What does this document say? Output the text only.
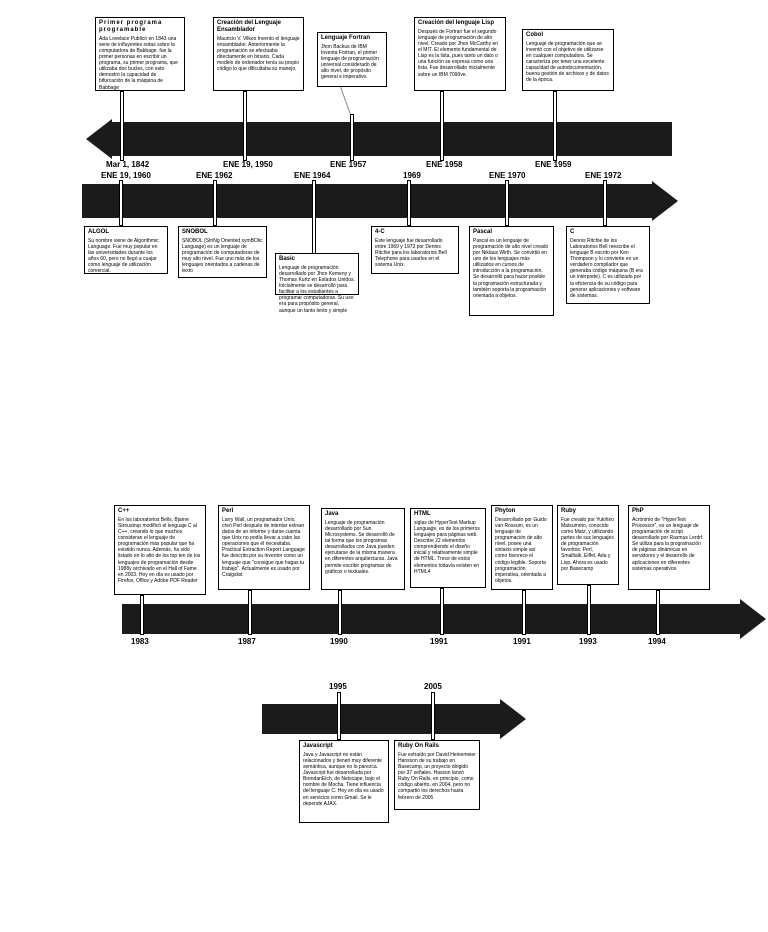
Primer programa programable
Ada Lovelace Publicó en 1843 una serie de influyentes notas sobre la computadora de Babbage. fue la primer personas en escribir un programa, su primer programa, que utilizaba dos bucles, con esto demostró la capacidad de bifurcación de la máquina de Babbage
Creación del Lenguaje Ensamblador
Mauricio V. Vilkes Invento el lenguaje ensamblador. Anteriormente la programación se efectuaba directamente en binario. Cada modelo de ordenador tenía su propio código lo que dificultaba su manejo.
Lenguaje Fortran
Jhon Backus de IBM Inventa Fortran, el primer lenguaje de programación universal considerado de alto nivel, de propósito general e imperativo.
Creación del lenguaje Lisp
Después de Fortran fue el segundo lenguaje de programación de alto nivel. Creado por Jhon McCarthy en el MIT. El elemento fundamental de Lisp es la lista, pues tanto un dato o una función se expresa como una lista. Fue desarrollado inicialmente sobre un IBM 7090ve.
Cobol
Lenguaje de programación que se inventó con el objetivo de utilizarse en cualquier computadora. Se caracteriza por tener una excelente capacidad de autodocumentación, buena gestión de archivos y de datos de la época.
Mar 1, 1842	ENE 19, 1950	ENE 1957	ENE 1958	ENE 1959
ENE 19, 1960	ENE 1962	ENE 1964	1969	ENE 1970	ENE 1972
ALGOL
Su nombre viene de Algorithmic Language. Fue muy popular en las universidades durante los años 60, pero no llegó a cuajar como lenguaje de utilización comercial.
SNOBOL
SNOBOL (StriNg Oriented symBOlic Language) es un lenguaje de programación de computadoras de muy alto nivel. Fue uno más de los lenguajes orientados a cadenas de texto
Basic
Lenguaje de programación desarrollado por Jhon Kemeny y Thomas Kurtz en Estados Unidos. Inicialmente se desarrolló para facilitar a los estudiantes a programar computadoras. Su uso era para propósito general, aunque un tanto lento y simple
4-C
Este lenguaje fue desarrollado entre 1969 y 1973 por Dennis Ritchie para los laboratorios Bell Telephone para usarlos en el sistema Unix.
Pascal
Pascal es un lenguaje de programación de alto nivel creado por Niklaus Wirth. Se convirtió en uno de los lenguajes más utilizados en cursos de introducción a la programación. Se desarrolló para hacer posible la programación estructurada y también soporta la programación orientada a objetos.
C
Dennis Ritchie de los Laboratorios Bell reescribe el lenguaje B escrito por Ken Thompson y lo convierte en un verdadero compilador que generaba código máquina (B era un intérprete). C es utilizado por la eficiencia de su código para generar aplicaciones y software de sistemas.
C++
En los laboratorios Bells, Bjarne Stroustrup modificó el lenguaje C al C++, creando lo que muchos consideran el lenguaje de programación más popular que ha existido nunca. Además, ha sido listado en lo alto de los top ten de los lenguajes de programación desde 1988y archivado en el Hall of Fame en 2003. Hoy en día es usado por Firefox, Office y Adobe PDF Reader
Perl
Larry Wall, un programador Unix, creó Perl después de intentar extraer datos de un informe y darse cuenta que Unix no podía llevar a cabo las operaciones que él necesitaba. Practical Extraction Report Language fue descrito por su inventor como un lenguaje que "consigue que hagas tu trabajo". Actualmente es usado por Craigslist
Java
Lenguaje de programación desarrollado por Sun Microsystems. Se desarrolló de tal forma que los programas desarrollados con Java pueden ejecutarse de la misma manera en diferentes arquitecturas. Java permite escribir programas de gráficos o textuales.
HTML
siglas de HyperText Markup Language, es de los primeros lenguajes para páginas web. Describe 22 elementos comprendiendo el diseño inicial y relativamente simple de HTML. Trece de estos elementos todavía existen en HTML4
Phyton
Desarrollado por Guido van Rossum, es un lenguaje de programación de alto nivel, posee una sintaxis simple así como favorece el código legible. Soporta programación imperativa, orientada a objetos.
Ruby
Fue creado por Yukihiro Matsumoto, conocido como Matz, y utilizando partes de sus lenguajes de programación favoritos: Perl, Smalltalk, Eiffel, Ada y Lisp. Ahora es usado por Basecamp
PhP
Acrónimo de "HyperText Processor", es un lenguaje de programación de script desarrollado por Rasmus Lerdrf. Se utiliza para la programación de páginas dinámicas en servidores y el desarrollo de aplicaciones en diferentes sistemas operativos.
1983	1987	1990	1991	1991	1993	1994
1995	2005
Javascript
Java y Javascript no están relacionados y tienen muy diferente semántica, aunque no lo parezca. Javascript fue desarrollada por BrendanEich, de Netscape, bajo el nombre de Mocha. Tiene influencia del lenguaje C. Hoy en día es usado en servicios como Gmail. Se le depende AJAX.
Ruby On Rails
Fue extraído por David Heinemeier Hansson de su trabajo en Basecamp, un proyecto dirigido por 37 señales. Hasson lanzó Ruby On Rails, en principio, como código abierto, en 2004, pero no compartió los derechos hasta febrero de 2005
